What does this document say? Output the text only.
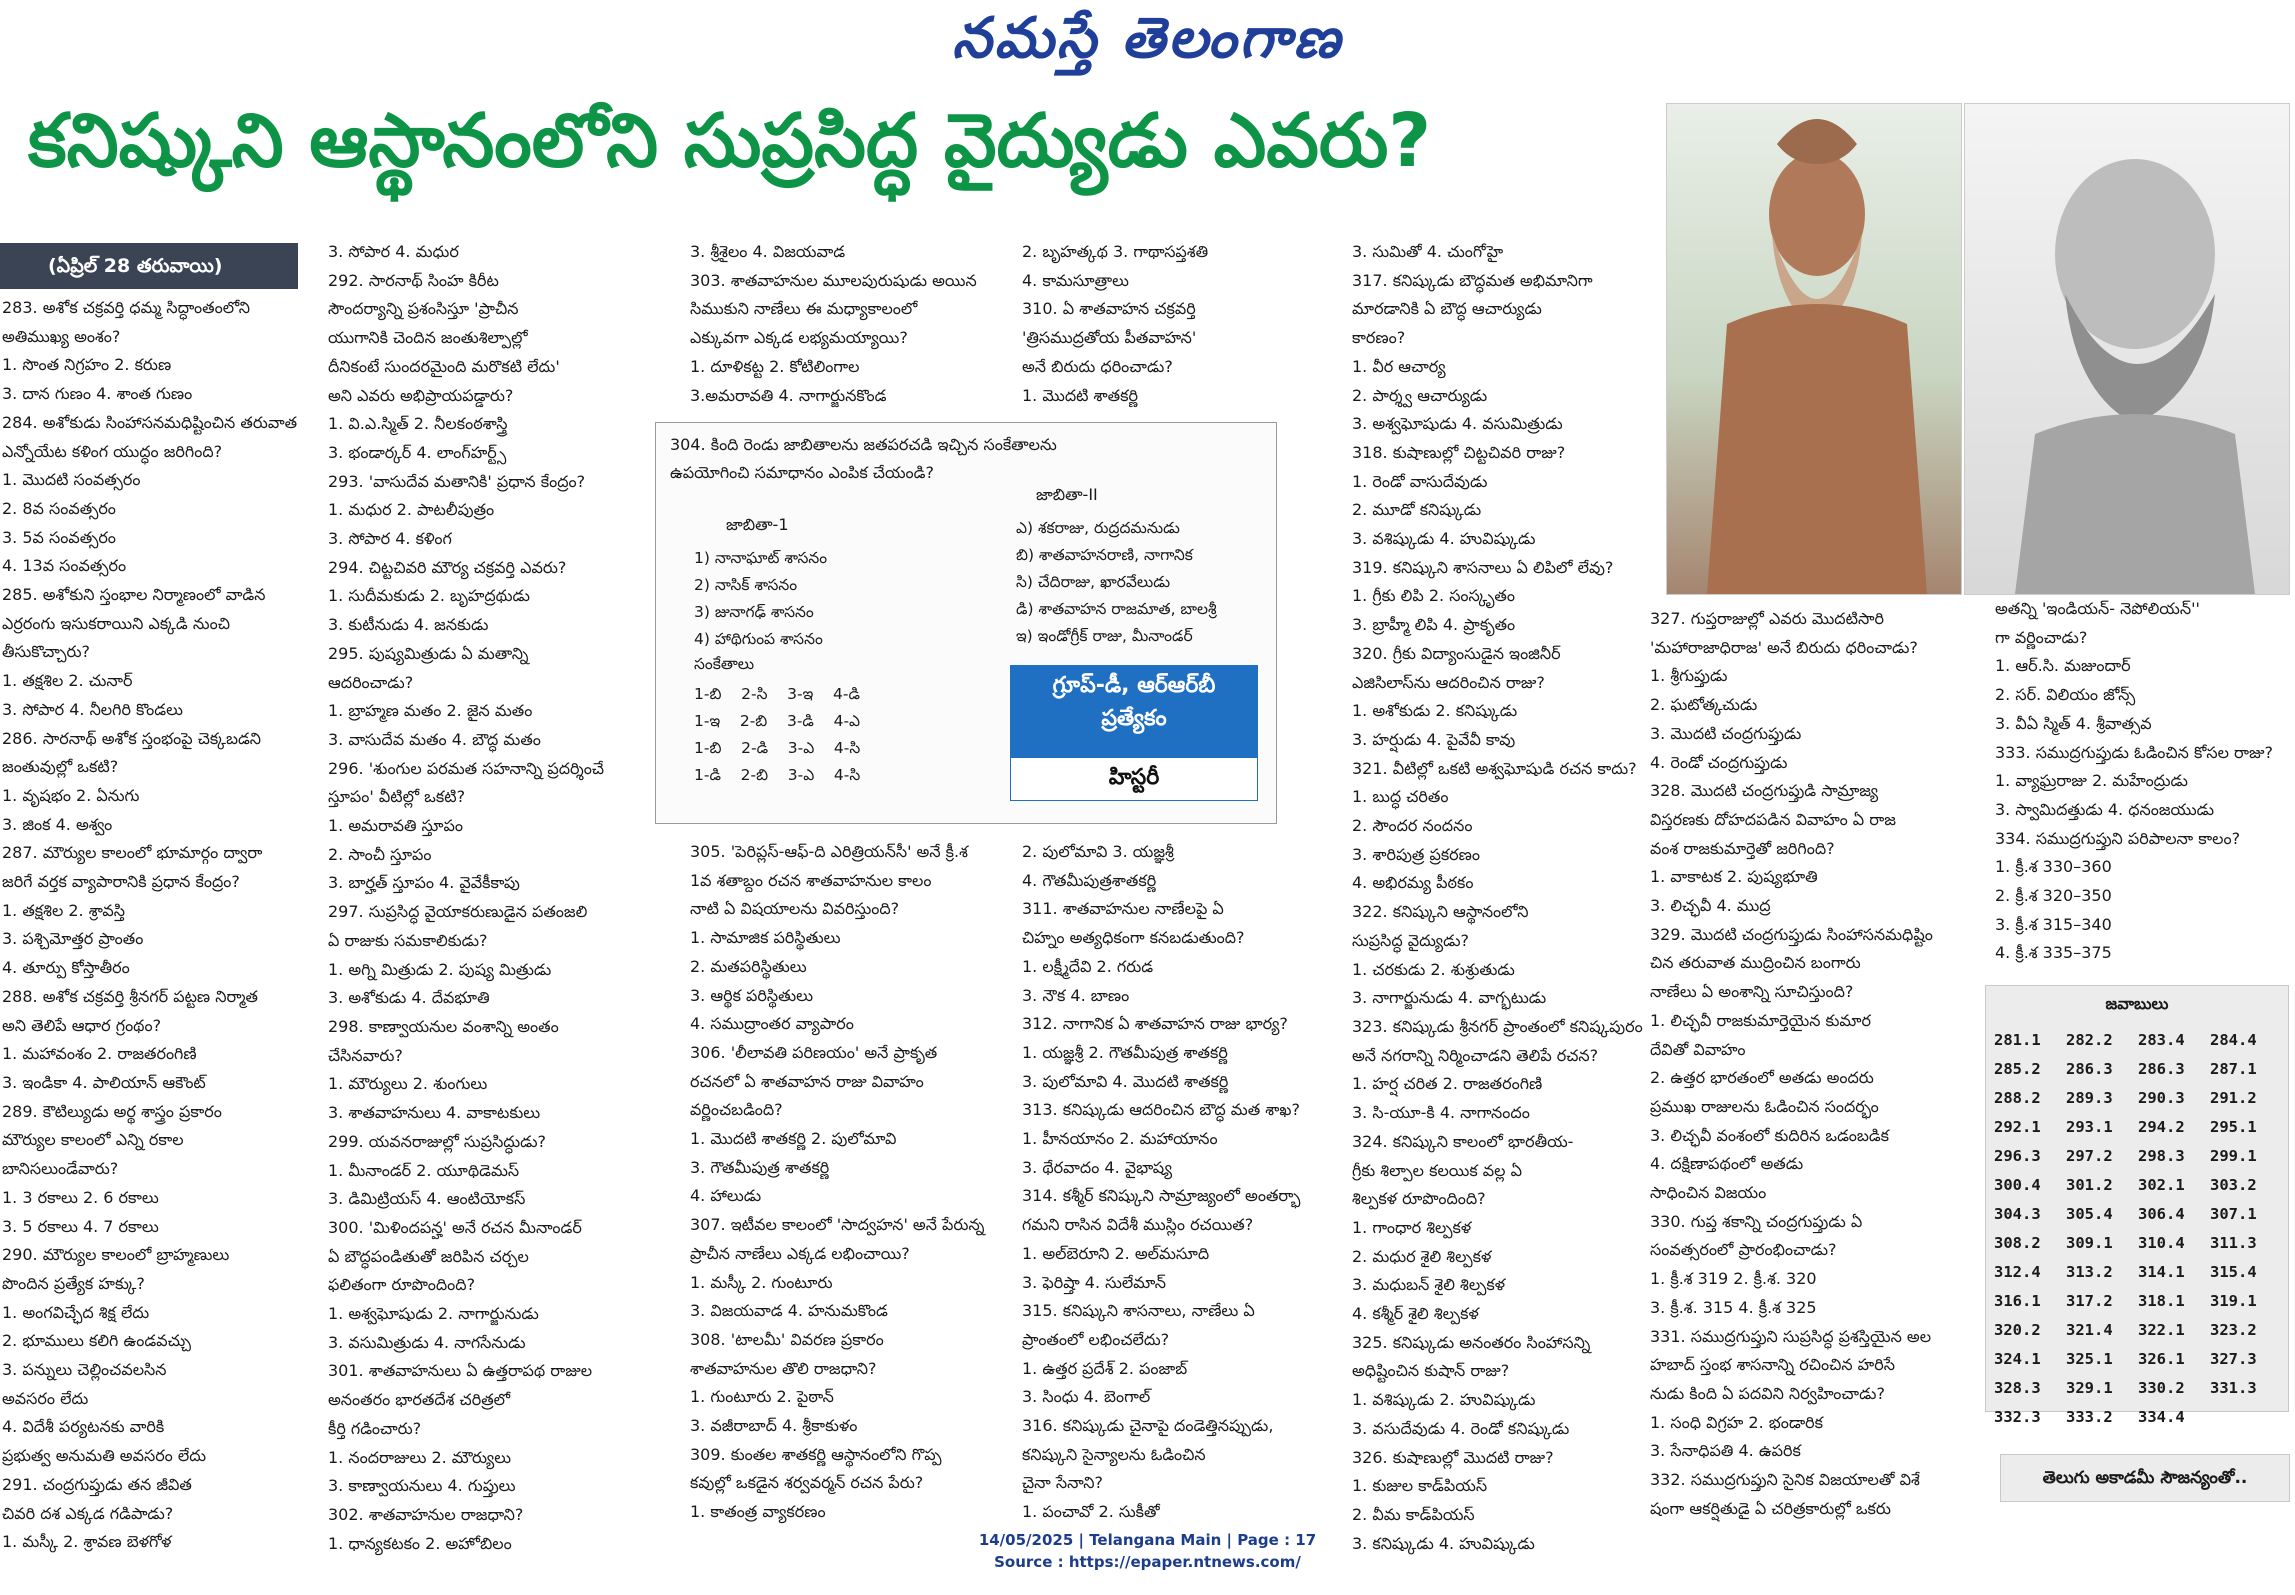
నమస్తే తెలంగాణ
కనిష్కుని ఆస్థానంలోని సుప్రసిద్ధ వైద్యుడు ఎవరు?
(ఏప్రిల్ 28 తరువాయి)

283. అశోక చక్రవర్తి ధమ్మ సిద్ధాంతంలోని

అతిముఖ్య అంశం?

1. సొంత నిగ్రహం 2. కరుణ

3. దాన గుణం 4. శాంత గుణం

284. అశోకుడు సింహాసనమధిష్టించిన తరువాత

ఎన్నోయేట కళింగ యుద్ధం జరిగింది?

1. మొదటి సంవత్సరం

2. 8వ సంవత్సరం

3. 5వ సంవత్సరం

4. 13వ సంవత్సరం

285. అశోకుని స్తంభాల నిర్మాణంలో వాడిన

ఎర్రరంగు ఇసుకరాయిని ఎక్కడి నుంచి

తీసుకొచ్చారు?

1. తక్షశిల 2. చునార్

3. సోపార 4. నీలగిరి కొండలు

286. సారనాథ్ అశోక స్తంభంపై చెక్కబడని

జంతువుల్లో ఒకటి?

1. వృషభం 2. ఏనుగు

3. జింక 4. అశ్వం

287. మౌర్యుల కాలంలో భూమార్గం ద్వారా

జరిగే వర్తక వ్యాపారానికి ప్రధాన కేంద్రం?

1. తక్షశిల 2. శ్రావస్తి

3. పశ్చిమోత్తర ప్రాంతం

4. తూర్పు కోస్తాతీరం

288. అశోక చక్రవర్తి శ్రీనగర్ పట్టణ నిర్మాత

అని తెలిపే ఆధార గ్రంథం?

1. మహావంశం 2. రాజతరంగిణి

3. ఇండికా 4. పాలియాన్ ఆకౌంట్

289. కౌటిల్యుడు అర్థ శాస్త్రం ప్రకారం

మౌర్యుల కాలంలో ఎన్ని రకాల

బానిసలుండేవారు?

1. 3 రకాలు 2. 6 రకాలు

3. 5 రకాలు 4. 7 రకాలు

290. మౌర్యుల కాలంలో బ్రాహ్మణులు

పొందిన ప్రత్యేక హక్కు?

1. అంగవిచ్ఛేద శిక్ష లేదు

2. భూములు కలిగి ఉండవచ్చు

3. పన్నులు చెల్లించవలసిన

అవసరం లేదు

4. విదేశీ పర్యటనకు వారికి

ప్రభుత్వ అనుమతి అవసరం లేదు

291. చంద్రగుప్తుడు తన జీవిత

చివరి దశ ఎక్కడ గడిపాడు?

1. మస్కీ 2. శ్రావణ బెళగోళ

3. సోపార 4. మధుర

292. సారనాథ్ సింహ కిరీట

సౌందర్యాన్ని ప్రశంసిస్తూ 'ప్రాచీన

యుగానికి చెందిన జంతుశిల్పాల్లో

దీనికంటే సుందరమైంది మరొకటి లేదు'

అని ఎవరు అభిప్రాయపడ్డారు?

1. వి.ఎ.స్మిత్ 2. నీలకంఠశాస్త్రి

3. భండార్కర్ 4. లాంగ్‌హర్ట్స్

293. 'వాసుదేవ మతానికి' ప్రధాన కేంద్రం?

1. మధుర 2. పాటలీపుత్రం

3. సోపార 4. కళింగ

294. చిట్టచివరి మౌర్య చక్రవర్తి ఎవరు?

1. సుదీమకుడు 2. బృహద్రథుడు

3. కుటీనుడు 4. జనకుడు

295. పుష్యమిత్రుడు ఏ మతాన్ని

ఆదరించాడు?

1. బ్రాహ్మణ మతం 2. జైన మతం

3. వాసుదేవ మతం 4. బౌద్ధ మతం

296. 'శుంగుల పరమత సహనాన్ని ప్రదర్శించే

స్తూపం' వీటిల్లో ఒకటి?

1. అమరావతి స్తూపం

2. సాంచీ స్తూపం

3. బార్హత్ స్తూపం 4. వైవేకీకాపు

297. సుప్రసిద్ధ వైయాకరుణుడైన పతంజలి

ఏ రాజుకు సమకాలికుడు?

1. అగ్ని మిత్రుడు 2. పుష్య మిత్రుడు

3. అశోకుడు 4. దేవభూతి

298. కాణ్వాయనుల వంశాన్ని అంతం

చేసినవారు?

1. మౌర్యులు 2. శుంగులు

3. శాతవాహనులు 4. వాకాటకులు

299. యవనరాజుల్లో సుప్రసిద్ధుడు?

1. మీనాండర్ 2. యూథిడెమస్

3. డిమిట్రియస్ 4. ఆంటియోకస్

300. 'మిళిందపన్హ' అనే రచన మీనాండర్

ఏ బౌద్ధపండితుతో జరిపిన చర్చల

ఫలితంగా రూపొందింది?

1. అశ్వఘోషుడు 2. నాగార్జునుడు

3. వసుమిత్రుడు 4. నాగసేనుడు

301. శాతవాహనులు ఏ ఉత్తరాపథ రాజుల

అనంతరం భారతదేశ చరిత్రలో

కీర్తి గడించారు?

1. నందరాజులు 2. మౌర్యులు

3. కాణ్వాయనులు 4. గుప్తులు

302. శాతవాహనుల రాజధాని?

1. ధాన్యకటకం 2. అహోబిలం

3. శ్రీశైలం 4. విజయవాడ

303. శాతవాహనుల మూలపురుషుడు అయిన

సిముకుని నాణేలు ఈ మధ్యాకాలంలో

ఎక్కువగా ఎక్కడ లభ్యమయ్యాయి?

1. దూళికట్ట 2. కోటిలింగాల

3.అమరావతి 4. నాగార్జునకొండ

305. 'పెరిప్లస్-ఆఫ్-ది ఎరిత్రియన్‌సీ' అనే క్రీ.శ

1వ శతాబ్దం రచన శాతవాహనుల కాలం

నాటి ఏ విషయాలను వివరిస్తుంది?

1. సామాజిక పరిస్థితులు

2. మతపరిస్థితులు

3. ఆర్థిక పరిస్థితులు

4. సముద్రాంతర వ్యాపారం

306. 'లీలావతి పరిణయం' అనే ప్రాకృత

రచనలో ఏ శాతవాహన రాజు వివాహం

వర్ణించబడింది?

1. మొదటి శాతకర్ణి 2. పులోమావి

3. గౌతమీపుత్ర శాతకర్ణి

4. హాలుడు

307. ఇటీవల కాలంలో 'సాద్వహన' అనే పేరున్న

ప్రాచీన నాణేలు ఎక్కడ లభించాయి?

1. మస్కీ 2. గుంటూరు

3. విజయవాడ 4. హనుమకొండ

308. 'టాలమీ' వివరణ ప్రకారం

శాతవాహనుల తొలి రాజధాని?

1. గుంటూరు 2. పైఠాన్

3. వజీరాబాద్ 4. శ్రీకాకుళం

309. కుంతల శాతకర్ణి ఆస్థానంలోని గొప్ప

కవుల్లో ఒకడైన శర్వవర్మన్ రచన పేరు?

1. కాతంత్ర వ్యాకరణం

2. బృహత్కథ 3. గాథాసప్తశతి

4. కామసూత్రాలు

310. ఏ శాతవాహన చక్రవర్తి

'త్రిసముద్రతోయ పీతవాహన'

అనే బిరుదు ధరించాడు?

1. మొదటి శాతకర్ణి

2. పులోమావి 3. యజ్ఞశ్రీ

4. గౌతమీపుత్రశాతకర్ణి

311. శాతవాహనుల నాణేలపై ఏ

చిహ్నం అత్యధికంగా కనబడుతుంది?

1. లక్ష్మీదేవి 2. గరుడ

3. నౌక 4. బాణం

312. నాగానిక ఏ శాతవాహన రాజు భార్య?

1. యజ్ఞశ్రీ 2. గౌతమీపుత్ర శాతకర్ణి

3. పులోమావి 4. మొదటి శాతకర్ణి

313. కనిష్కుడు ఆదరించిన బౌద్ధ మత శాఖ?

1. హీనయానం 2. మహాయానం

3. థేరవాదం 4. వైభాష్య

314. కశ్మీర్ కనిష్కుని సామ్రాజ్యంలో అంతర్భా

గమని రాసిన విదేశీ ముస్లిం రచయిత?

1. అల్‌బెరూని 2. అల్‌మసూది

3. ఫెరిష్తా 4. సులేమాన్

315. కనిష్కుని శాసనాలు, నాణేలు ఏ

ప్రాంతంలో లభించలేదు?

1. ఉత్తర ప్రదేశ్ 2. పంజాబ్

3. సింధు 4. బెంగాల్

316. కనిష్కుడు చైనాపై దండెత్తినప్పుడు,

కనిష్కుని సైన్యాలను ఓడించిన

చైనా సేనాని?

1. పంచావో 2. సుకీతో

3. సుమితో 4. చుంగోహై

317. కనిష్కుడు బౌద్ధమత అభిమానిగా

మారడానికి ఏ బౌద్ధ ఆచార్యుడు

కారణం?

1. వీర ఆచార్య

2. పార్శ్వ ఆచార్యుడు

3. అశ్వఘోషుడు 4. వసుమిత్రుడు

318. కుషాణుల్లో చిట్టచివరి రాజు?

1. రెండో వాసుదేవుడు

2. మూడో కనిష్కుడు

3. వశిష్కుడు 4. హువిష్కుడు

319. కనిష్కుని శాసనాలు ఏ లిపిలో లేవు?

1. గ్రీకు లిపి 2. సంస్కృతం

3. బ్రాహ్మీ లిపి 4. ప్రాకృతం

320. గ్రీకు విద్యాంసుడైన ఇంజినీర్

ఎజిసిలాస్‌ను ఆదరించిన రాజు?

1. అశోకుడు 2. కనిష్కుడు

3. హర్షుడు 4. పైవేవీ కావు

321. వీటిల్లో ఒకటి అశ్వఘోషుడి రచన కాదు?

1. బుద్ధ చరితం

2. సౌందర నందనం

3. శారిపుత్ర ప్రకరణం

4. అభిరమ్య పీఠకం

322. కనిష్కుని ఆస్థానంలోని

సుప్రసిద్ధ వైద్యుడు?

1. చరకుడు 2. శుశ్రుతుడు

3. నాగార్జునుడు 4. వాగ్భటుడు

323. కనిష్కుడు శ్రీనగర్ ప్రాంతంలో కనిష్కపురం

అనే నగరాన్ని నిర్మించాడని తెలిపే రచన?

1. హర్ష చరిత 2. రాజతరంగిణి

3. సి-యూ-కి 4. నాగానందం

324. కనిష్కుని కాలంలో భారతీయ-

గ్రీకు శిల్పాల కలయిక వల్ల ఏ

శిల్పకళ రూపొందింది?

1. గాంధార శిల్పకళ

2. మధుర శైలి శిల్పకళ

3. మధుబన్ శైలి శిల్పకళ

4. కశ్మీర్ శైలి శిల్పకళ

325. కనిష్కుడు అనంతరం సింహాసన్ని

అధిష్టించిన కుషాన్ రాజు?

1. వశిష్కుడు 2. హువిష్కుడు

3. వసుదేవుడు 4. రెండో కనిష్కుడు

326. కుషాణుల్లో మొదటి రాజు?

1. కుజుల కాడ్‌పియస్

2. వీమ కాడ్‌పియస్

3. కనిష్కుడు 4. హువిష్కుడు

327. గుప్తరాజుల్లో ఎవరు మొదటిసారి

'మహారాజాధిరాజ' అనే బిరుదు ధరించాడు?

1. శ్రీగుప్తుడు

2. ఘటోత్కచుడు

3. మొదటి చంద్రగుప్తుడు

4. రెండో చంద్రగుప్తుడు

328. మొదటి చంద్రగుప్తుడి సామ్రాజ్య

విస్తరణకు దోహదపడిన వివాహం ఏ రాజ

వంశ రాజకుమార్తెతో జరిగింది?

1. వాకాటక 2. పుష్యభూతి

3. లిచ్ఛవీ 4. ముద్ర

329. మొదటి చంద్రగుప్తుడు సింహాసనమధిష్టిం

చిన తరువాత ముద్రించిన బంగారు

నాణేలు ఏ అంశాన్ని సూచిస్తుంది?

1. లిచ్ఛవీ రాజకుమార్తెయైన కుమార

దేవితో వివాహం

2. ఉత్తర భారతంలో అతడు అందరు

ప్రముఖ రాజులను ఓడించిన సందర్భం

3. లిచ్ఛవీ వంశంలో కుదిరిన ఒడంబడిక

4. దక్షిణాపథంలో అతడు

సాధించిన విజయం

330. గుప్త శకాన్ని చంద్రగుప్తుడు ఏ

సంవత్సరంలో ప్రారంభించాడు?

1. క్రీ.శ 319 2. క్రీ.శ. 320

3. క్రీ.శ. 315 4. క్రీ.శ 325

331. సముద్రగుప్తుని సుప్రసిద్ధ ప్రశస్తియైన అల

హబాద్ స్తంభ శాసనాన్ని రచించిన హరిసే

నుడు కింది ఏ పదవిని నిర్వహించాడు?

1. సంధి విగ్రహ 2. భండారిక

3. సేనాధిపతి 4. ఉపరిక

332. సముద్రగుప్తుని సైనిక విజయాలతో విశే

షంగా ఆకర్షితుడై ఏ చరిత్రకారుల్లో ఒకరు

అతన్ని 'ఇండియన్- నెపోలియన్''

గా వర్ణించాడు?

1. ఆర్.సి. మజుందార్

2. సర్. విలియం జోన్స్

3. వీఏ స్మిత్ 4. శ్రీవాత్సవ

333. సముద్రగుప్తుడు ఓడించిన కోసల రాజు?

1. వ్యాఘ్రరాజు 2. మహేంద్రుడు

3. స్వామిదత్తుడు 4. ధనంజయుడు

334. సముద్రగుప్తుని పరిపాలనా కాలం?

1. క్రీ.శ 330–360

2. క్రీ.శ 320–350

3. క్రీ.శ 315–340

4. క్రీ.శ 335–375

304. కింది రెండు జాబితాలను జతపరచడి ఇచ్చిన సంకేతాలను

ఉపయోగించి సమాధానం ఎంపిక చేయండి?

జాబితా-1
జాబితా-II

1) నానాఘాట్ శాసనం

2) నాసిక్ శాసనం

3) జునాగఢ్ శాసనం

4) హాథిగుంప శాసనం

ఎ) శకరాజు, రుద్రదమనుడు

బి) శాతవాహనరాణి, నాగానిక

సి) చేదిరాజు, ఖారవేలుడు

డి) శాతవాహన రాజమాత, బాలశ్రీ

ఇ) ఇండోగ్రీక్ రాజు, మీనాండర్

సంకేతాలు

1-బి    2-సి    3-ఇ    4-డి

1-ఇ    2-బి    3-డి    4-ఎ

1-బి    2-డి    3-ఎ    4-సి

1-డి    2-బి    3-ఎ    4-సి

గ్రూప్-డీ, ఆర్ఆర్‌బీ
ప్రత్యేకం
హిస్టరీ
జవాబులు
281.1	282.2	283.4	284.4
285.2	286.3	286.3	287.1
288.2	289.3	290.3	291.2
292.1	293.1	294.2	295.1
296.3	297.2	298.3	299.1
300.4	301.2	302.1	303.2
304.3	305.4	306.4	307.1
308.2	309.1	310.4	311.3
312.4	313.2	314.1	315.4
316.1	317.2	318.1	319.1
320.2	321.4	322.1	323.2
324.1	325.1	326.1	327.3
328.3	329.1	330.2	331.3
332.3	333.2	334.4	
తెలుగు అకాడమీ సౌజన్యంతో..

14/05/2025 | Telangana Main | Page : 17

Source : https://epaper.ntnews.com/
